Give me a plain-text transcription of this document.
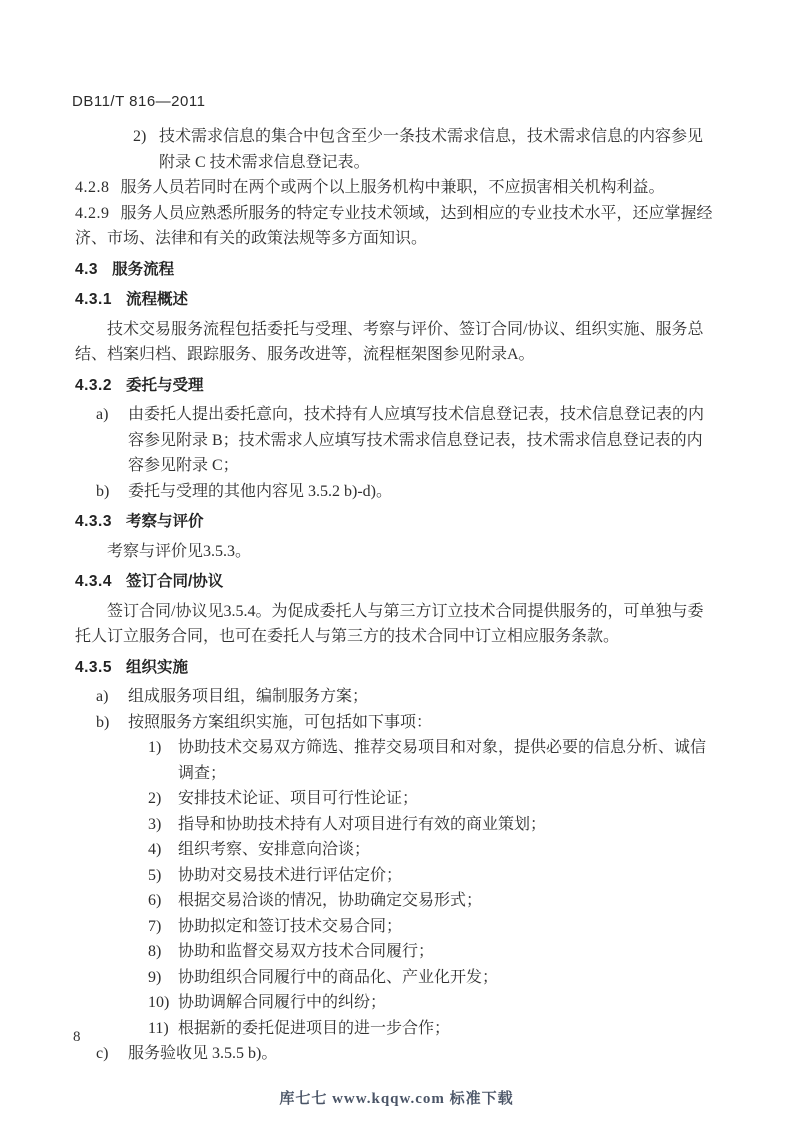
DB11/T 816—2011
2) 技术需求信息的集合中包含至少一条技术需求信息，技术需求信息的内容参见附录 C 技术需求信息登记表。

4.2.8 服务人员若同时在两个或两个以上服务机构中兼职，不应损害相关机构利益。

4.2.9 服务人员应熟悉所服务的特定专业技术领域，达到相应的专业技术水平，还应掌握经济、市场、法律和有关的政策法规等多方面知识。

4.3 服务流程
4.3.1 流程概述

技术交易服务流程包括委托与受理、考察与评价、签订合同/协议、组织实施、服务总结、档案归档、跟踪服务、服务改进等，流程框架图参见附录A。

4.3.2 委托与受理
a)	由委托人提出委托意向，技术持有人应填写技术信息登记表，技术信息登记表的内容参见附录 B；技术需求人应填写技术需求信息登记表，技术需求信息登记表的内容参见附录 C；
b)	委托与受理的其他内容见 3.5.2 b)-d)。
4.3.3 考察与评价

考察与评价见3.5.3。

4.3.4 签订合同/协议

签订合同/协议见3.5.4。为促成委托人与第三方订立技术合同提供服务的，可单独与委托人订立服务合同，也可在委托人与第三方的技术合同中订立相应服务条款。

4.3.5 组织实施
a)	组成服务项目组，编制服务方案；
b)	按照服务方案组织实施，可包括如下事项：
1)	协助技术交易双方筛选、推荐交易项目和对象，提供必要的信息分析、诚信调查；
2)	安排技术论证、项目可行性论证；
3)	指导和协助技术持有人对项目进行有效的商业策划；
4)	组织考察、安排意向洽谈；
5)	协助对交易技术进行评估定价；
6)	根据交易洽谈的情况，协助确定交易形式；
7)	协助拟定和签订技术交易合同；
8)	协助和监督交易双方技术合同履行；
9)	协助组织合同履行中的商品化、产业化开发；
10) 协助调解合同履行中的纠纷；
11) 根据新的委托促进项目的进一步合作；
c)	服务验收见 3.5.5 b)。
8
库七七 www.kqqw.com 标准下载
